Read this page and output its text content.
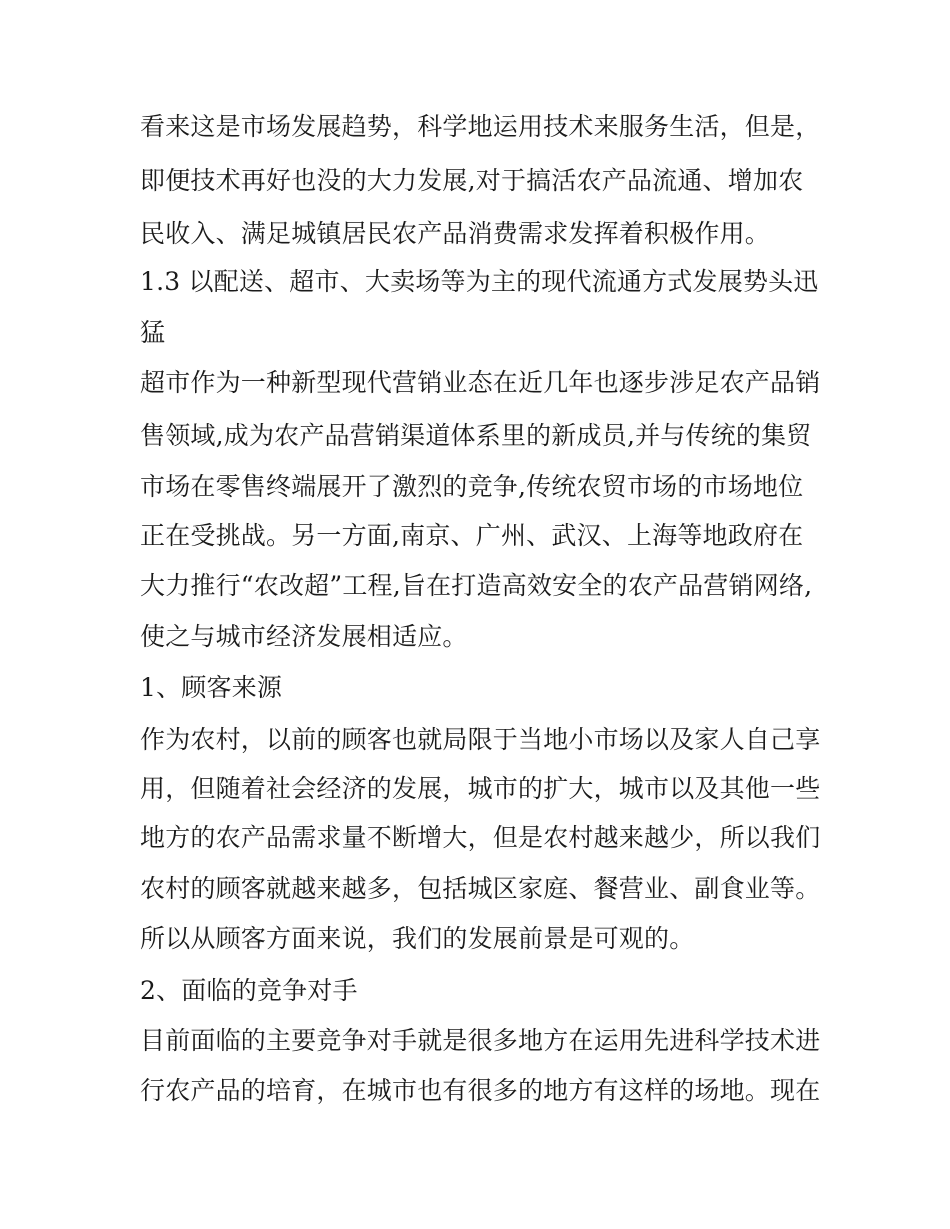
看来这是市场发展趋势，科学地运用技术来服务生活，但是，
即便技术再好也没的大力发展,对于搞活农产品流通、增加农
民收入、满足城镇居民农产品消费需求发挥着积极作用。
1.3 以配送、超市、大卖场等为主的现代流通方式发展势头迅
猛
超市作为一种新型现代营销业态在近几年也逐步涉足农产品销
售领域,成为农产品营销渠道体系里的新成员,并与传统的集贸
市场在零售终端展开了激烈的竞争,传统农贸市场的市场地位
正在受挑战。另一方面,南京、广州、武汉、上海等地政府在
大力推行“农改超”工程,旨在打造高效安全的农产品营销网络,
使之与城市经济发展相适应。
1、顾客来源
作为农村，以前的顾客也就局限于当地小市场以及家人自己享
用，但随着社会经济的发展，城市的扩大，城市以及其他一些
地方的农产品需求量不断增大，但是农村越来越少，所以我们
农村的顾客就越来越多，包括城区家庭、餐营业、副食业等。
所以从顾客方面来说，我们的发展前景是可观的。
2、面临的竞争对手
目前面临的主要竞争对手就是很多地方在运用先进科学技术进
行农产品的培育，在城市也有很多的地方有这样的场地。现在
